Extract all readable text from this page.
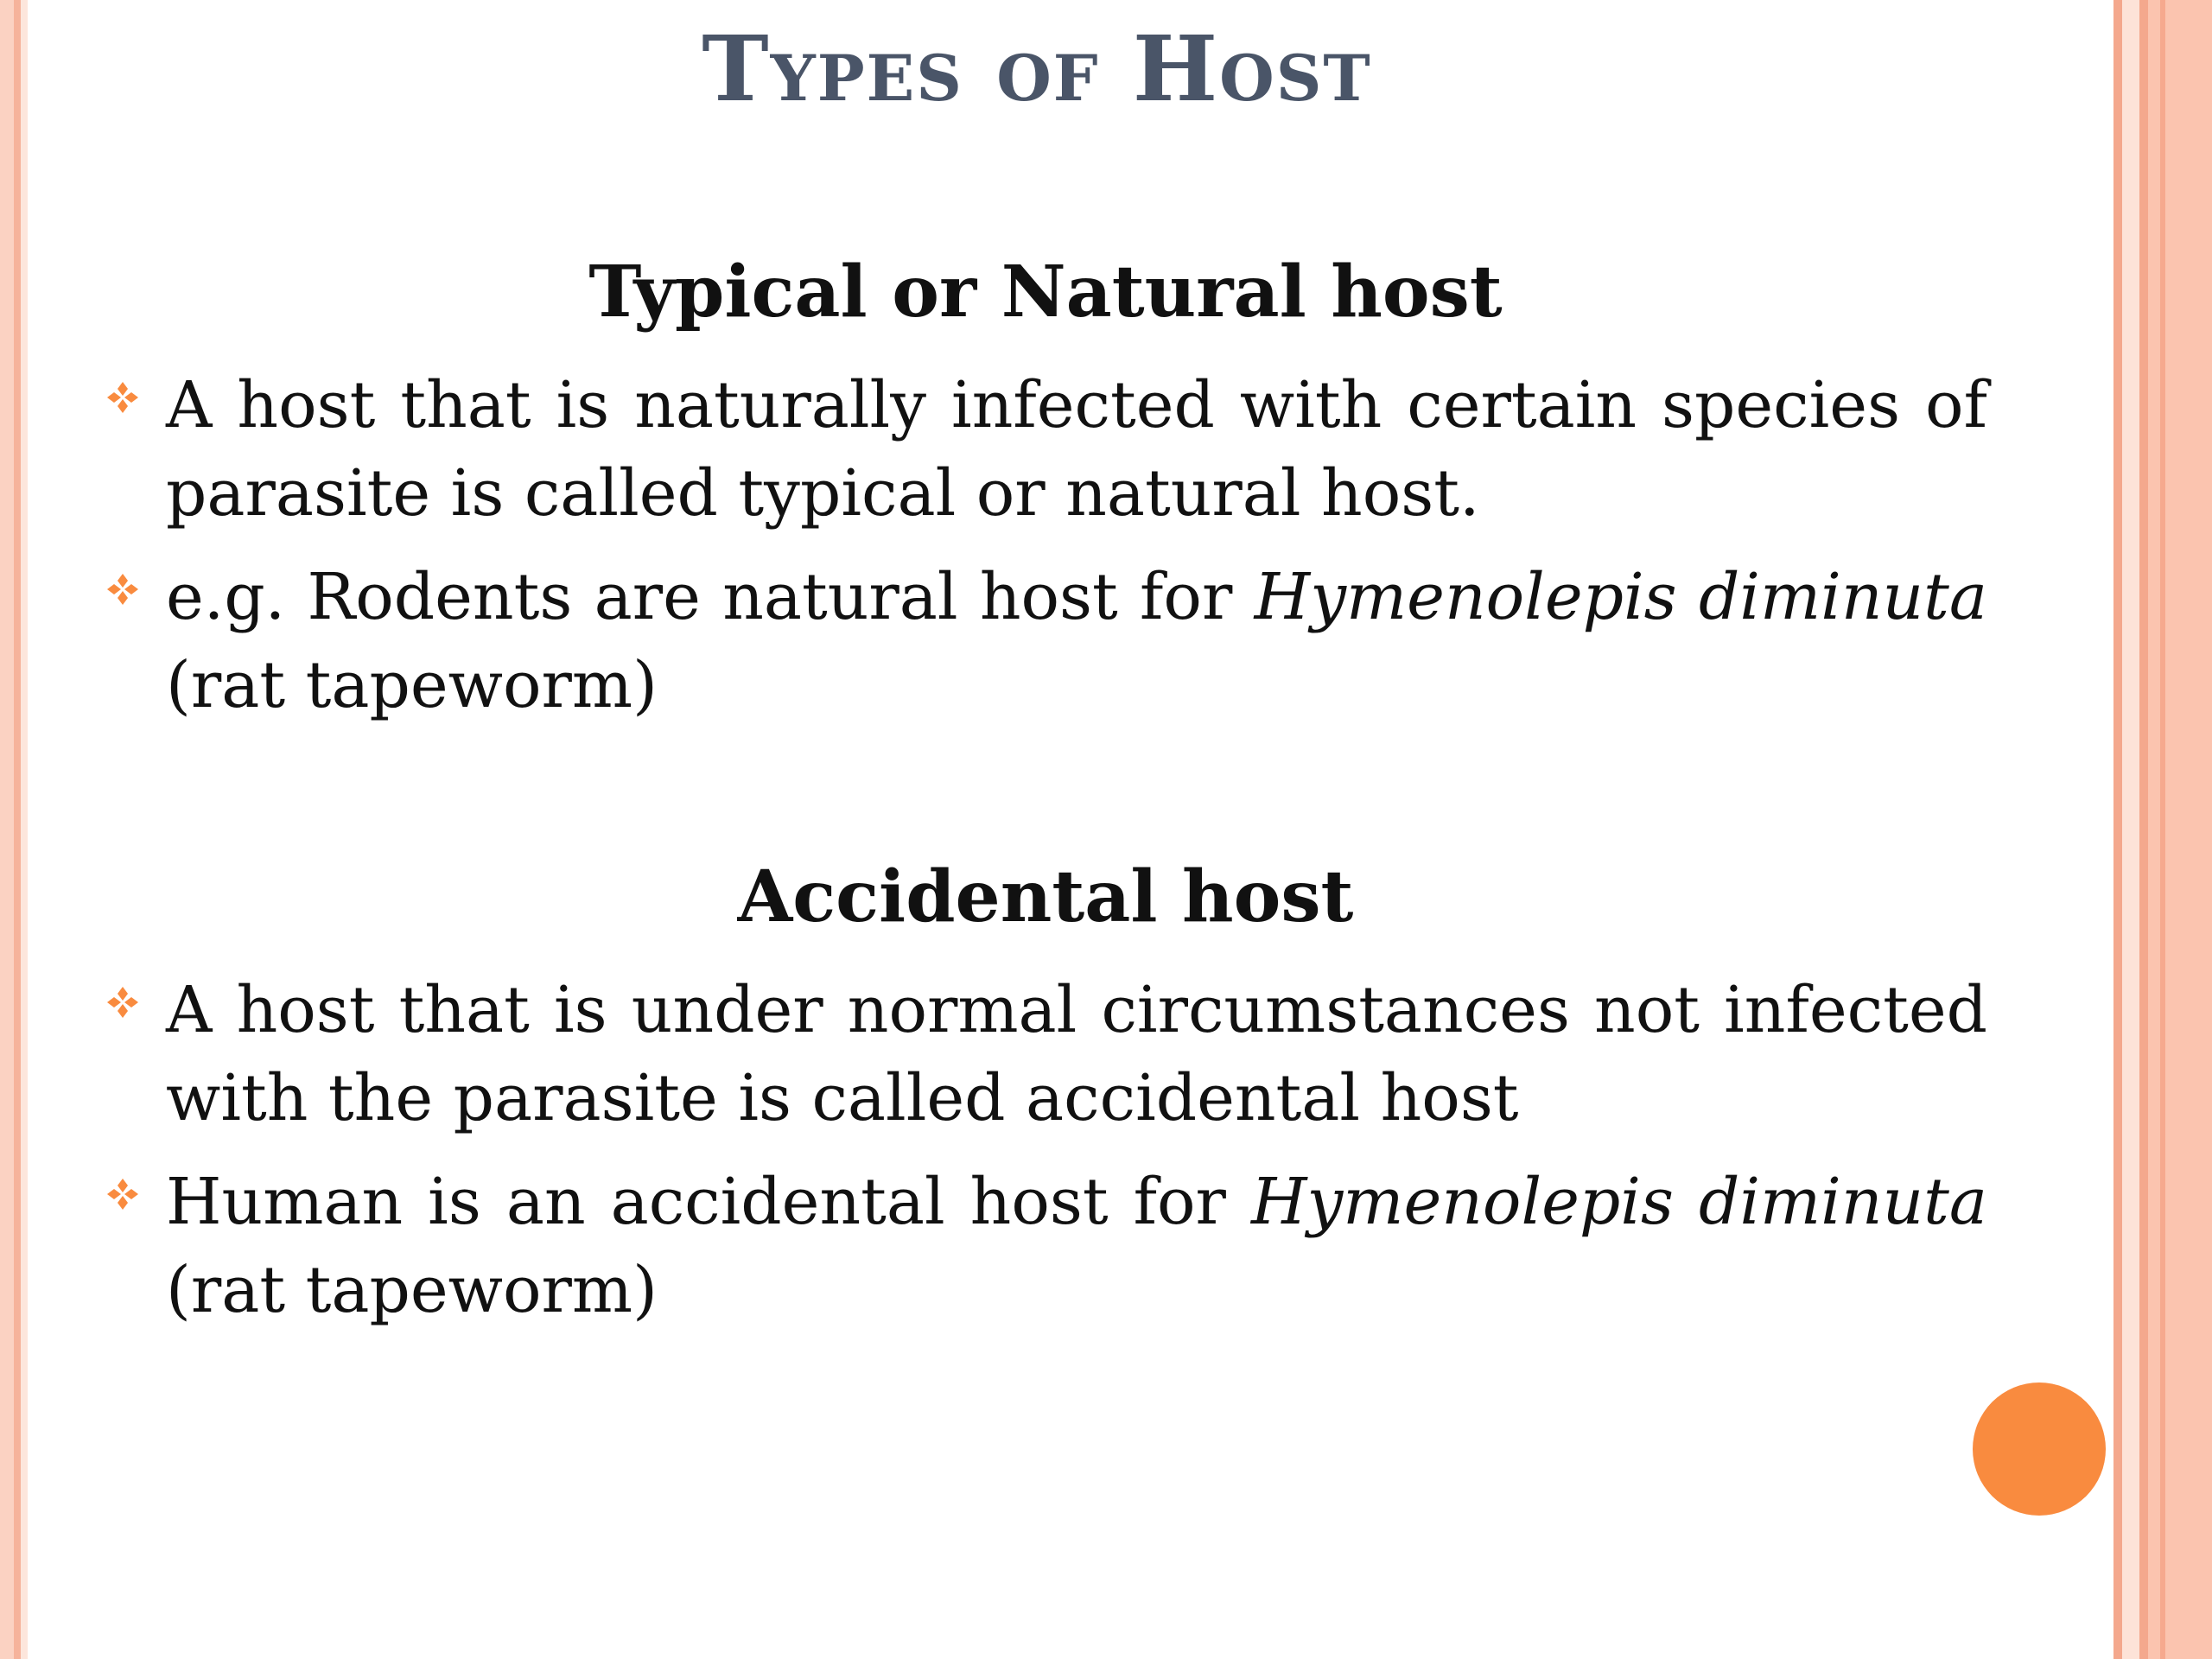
Types of Host
Typical or Natural host
A host that is naturally infected with certain species of parasite is called typical or natural host.
e.g. Rodents are natural host for Hymenolepis diminuta (rat tapeworm)
Accidental host
A host that is under normal circumstances not infected with the parasite is called accidental host
Human is an accidental host for Hymenolepis diminuta (rat tapeworm)
